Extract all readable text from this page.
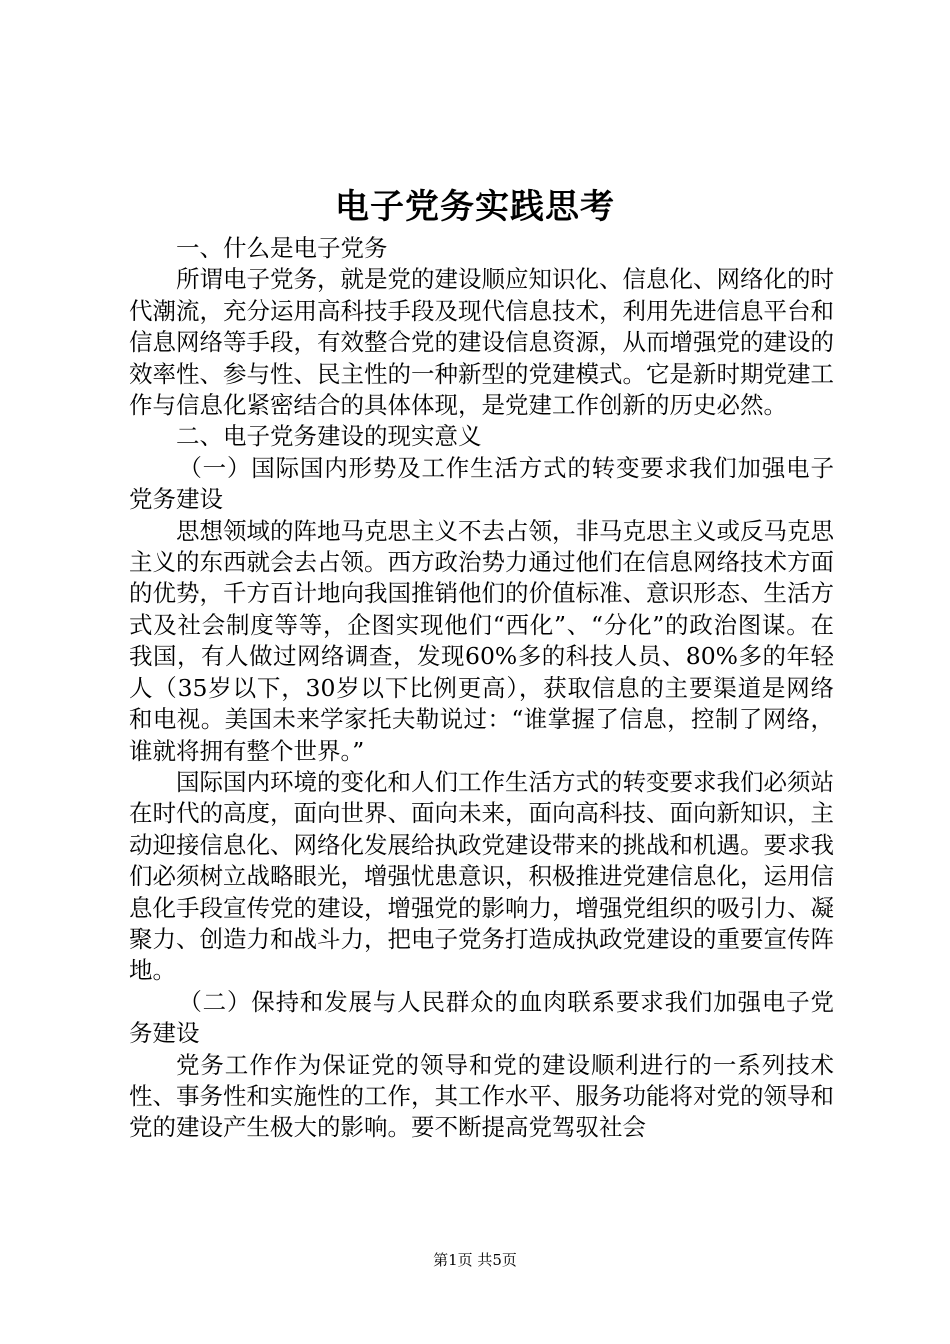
电子党务实践思考

一、什么是电子党务

所谓电子党务，就是党的建设顺应知识化、信息化、网络化的时代潮流，充分运用高科技手段及现代信息技术，利用先进信息平台和信息网络等手段，有效整合党的建设信息资源，从而增强党的建设的效率性、参与性、民主性的一种新型的党建模式。它是新时期党建工作与信息化紧密结合的具体体现，是党建工作创新的历史必然。

二、电子党务建设的现实意义

（一）国际国内形势及工作生活方式的转变要求我们加强电子党务建设

思想领域的阵地马克思主义不去占领，非马克思主义或反马克思主义的东西就会去占领。西方政治势力通过他们在信息网络技术方面的优势，千方百计地向我国推销他们的价值标准、意识形态、生活方式及社会制度等等，企图实现他们“西化”、“分化”的政治图谋。在我国，有人做过网络调查，发现60%多的科技人员、80%多的年轻人（35岁以下，30岁以下比例更高），获取信息的主要渠道是网络和电视。美国未来学家托夫勒说过：“谁掌握了信息，控制了网络，谁就将拥有整个世界。”

国际国内环境的变化和人们工作生活方式的转变要求我们必须站在时代的高度，面向世界、面向未来，面向高科技、面向新知识，主动迎接信息化、网络化发展给执政党建设带来的挑战和机遇。要求我们必须树立战略眼光，增强忧患意识，积极推进党建信息化，运用信息化手段宣传党的建设，增强党的影响力，增强党组织的吸引力、凝聚力、创造力和战斗力，把电子党务打造成执政党建设的重要宣传阵地。

（二）保持和发展与人民群众的血肉联系要求我们加强电子党务建设

党务工作作为保证党的领导和党的建设顺利进行的一系列技术性、事务性和实施性的工作，其工作水平、服务功能将对党的领导和党的建设产生极大的影响。要不断提高党驾驭社会

第1页 共5页
